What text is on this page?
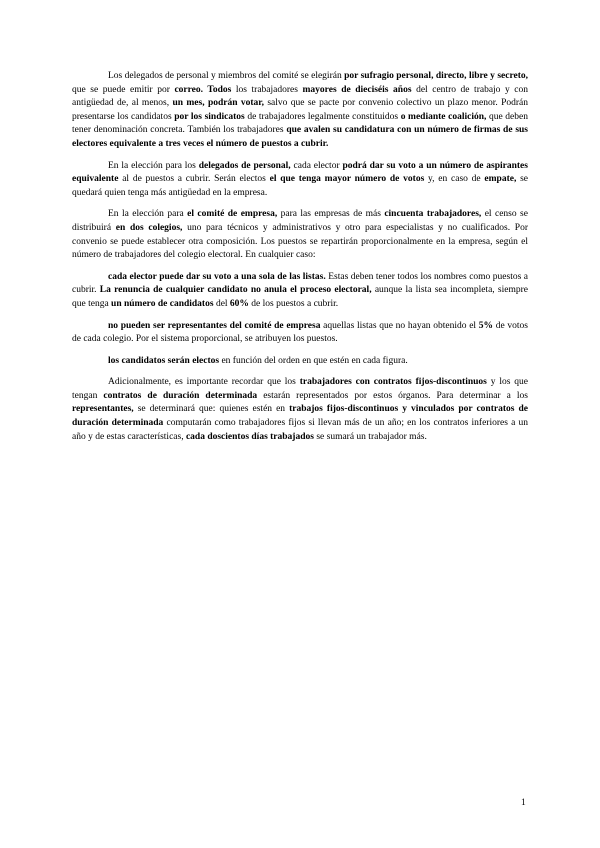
Los delegados de personal y miembros del comité se elegirán por sufragio personal, directo, libre y secreto, que se puede emitir por correo. Todos los trabajadores mayores de dieciséis años del centro de trabajo y con antigüedad de, al menos, un mes, podrán votar, salvo que se pacte por convenio colectivo un plazo menor. Podrán presentarse los candidatos por los sindicatos de trabajadores legalmente constituidos o mediante coalición, que deben tener denominación concreta. También los trabajadores que avalen su candidatura con un número de firmas de sus electores equivalente a tres veces el número de puestos a cubrir.

En la elección para los delegados de personal, cada elector podrá dar su voto a un número de aspirantes equivalente al de puestos a cubrir. Serán electos el que tenga mayor número de votos y, en caso de empate, se quedará quien tenga más antigüedad en la empresa.

En la elección para el comité de empresa, para las empresas de más cincuenta trabajadores, el censo se distribuirá en dos colegios, uno para técnicos y administrativos y otro para especialistas y no cualificados. Por convenio se puede establecer otra composición. Los puestos se repartirán proporcionalmente en la empresa, según el número de trabajadores del colegio electoral. En cualquier caso:

cada elector puede dar su voto a una sola de las listas. Estas deben tener todos los nombres como puestos a cubrir. La renuncia de cualquier candidato no anula el proceso electoral, aunque la lista sea incompleta, siempre que tenga un número de candidatos del 60% de los puestos a cubrir.

no pueden ser representantes del comité de empresa aquellas listas que no hayan obtenido el 5% de votos de cada colegio. Por el sistema proporcional, se atribuyen los puestos.

los candidatos serán electos en función del orden en que estén en cada figura.

Adicionalmente, es importante recordar que los trabajadores con contratos fijos-discontinuos y los que tengan contratos de duración determinada estarán representados por estos órganos. Para determinar a los representantes, se determinará que: quienes estén en trabajos fijos-discontinuos y vinculados por contratos de duración determinada computarán como trabajadores fijos si llevan más de un año; en los contratos inferiores a un año y de estas características, cada doscientos días trabajados se sumará un trabajador más.

1
